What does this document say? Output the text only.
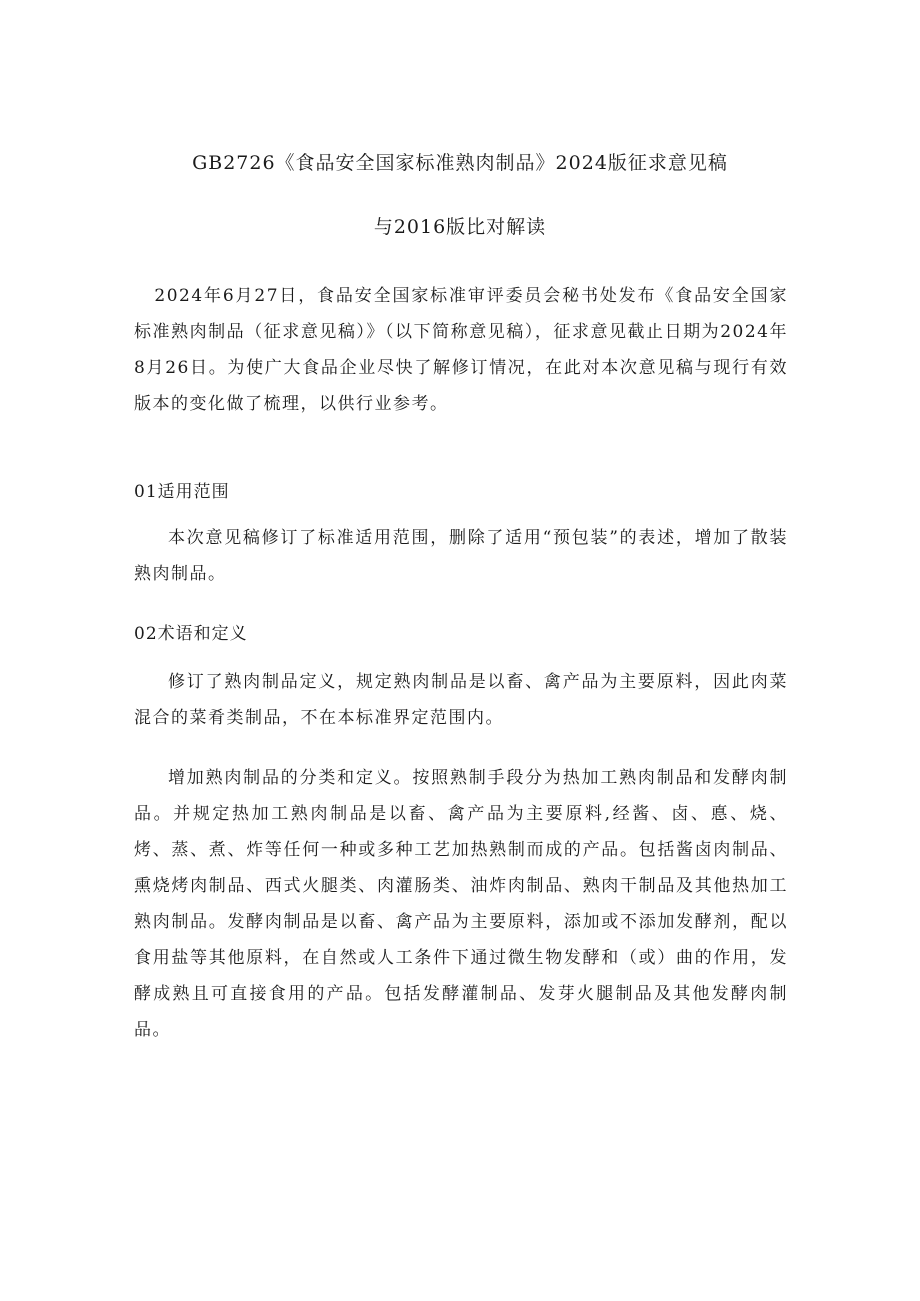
GB2726《食品安全国家标准熟肉制品》2024版征求意见稿
与2016版比对解读

2024年6月27日，食品安全国家标准审评委员会秘书处发布《食品安全国家标准熟肉制品（征求意见稿）》（以下简称意见稿），征求意见截止日期为2024年8月26日。为使广大食品企业尽快了解修订情况，在此对本次意见稿与现行有效版本的变化做了梳理，以供行业参考。

01适用范围

本次意见稿修订了标准适用范围，删除了适用“预包装”的表述，增加了散装熟肉制品。

02术语和定义

修订了熟肉制品定义，规定熟肉制品是以畜、禽产品为主要原料，因此肉菜混合的菜肴类制品，不在本标准界定范围内。

增加熟肉制品的分类和定义。按照熟制手段分为热加工熟肉制品和发酵肉制品。并规定热加工熟肉制品是以畜、禽产品为主要原料,经酱、卤、悳、烧、烤、蒸、煮、炸等任何一种或多种工艺加热熟制而成的产品。包括酱卤肉制品、熏烧烤肉制品、西式火腿类、肉灌肠类、油炸肉制品、熟肉干制品及其他热加工熟肉制品。发酵肉制品是以畜、禽产品为主要原料，添加或不添加发酵剂，配以食用盐等其他原料，在自然或人工条件下通过微生物发酵和（或）曲的作用，发酵成熟且可直接食用的产品。包括发酵灌制品、发芽火腿制品及其他发酵肉制品。
